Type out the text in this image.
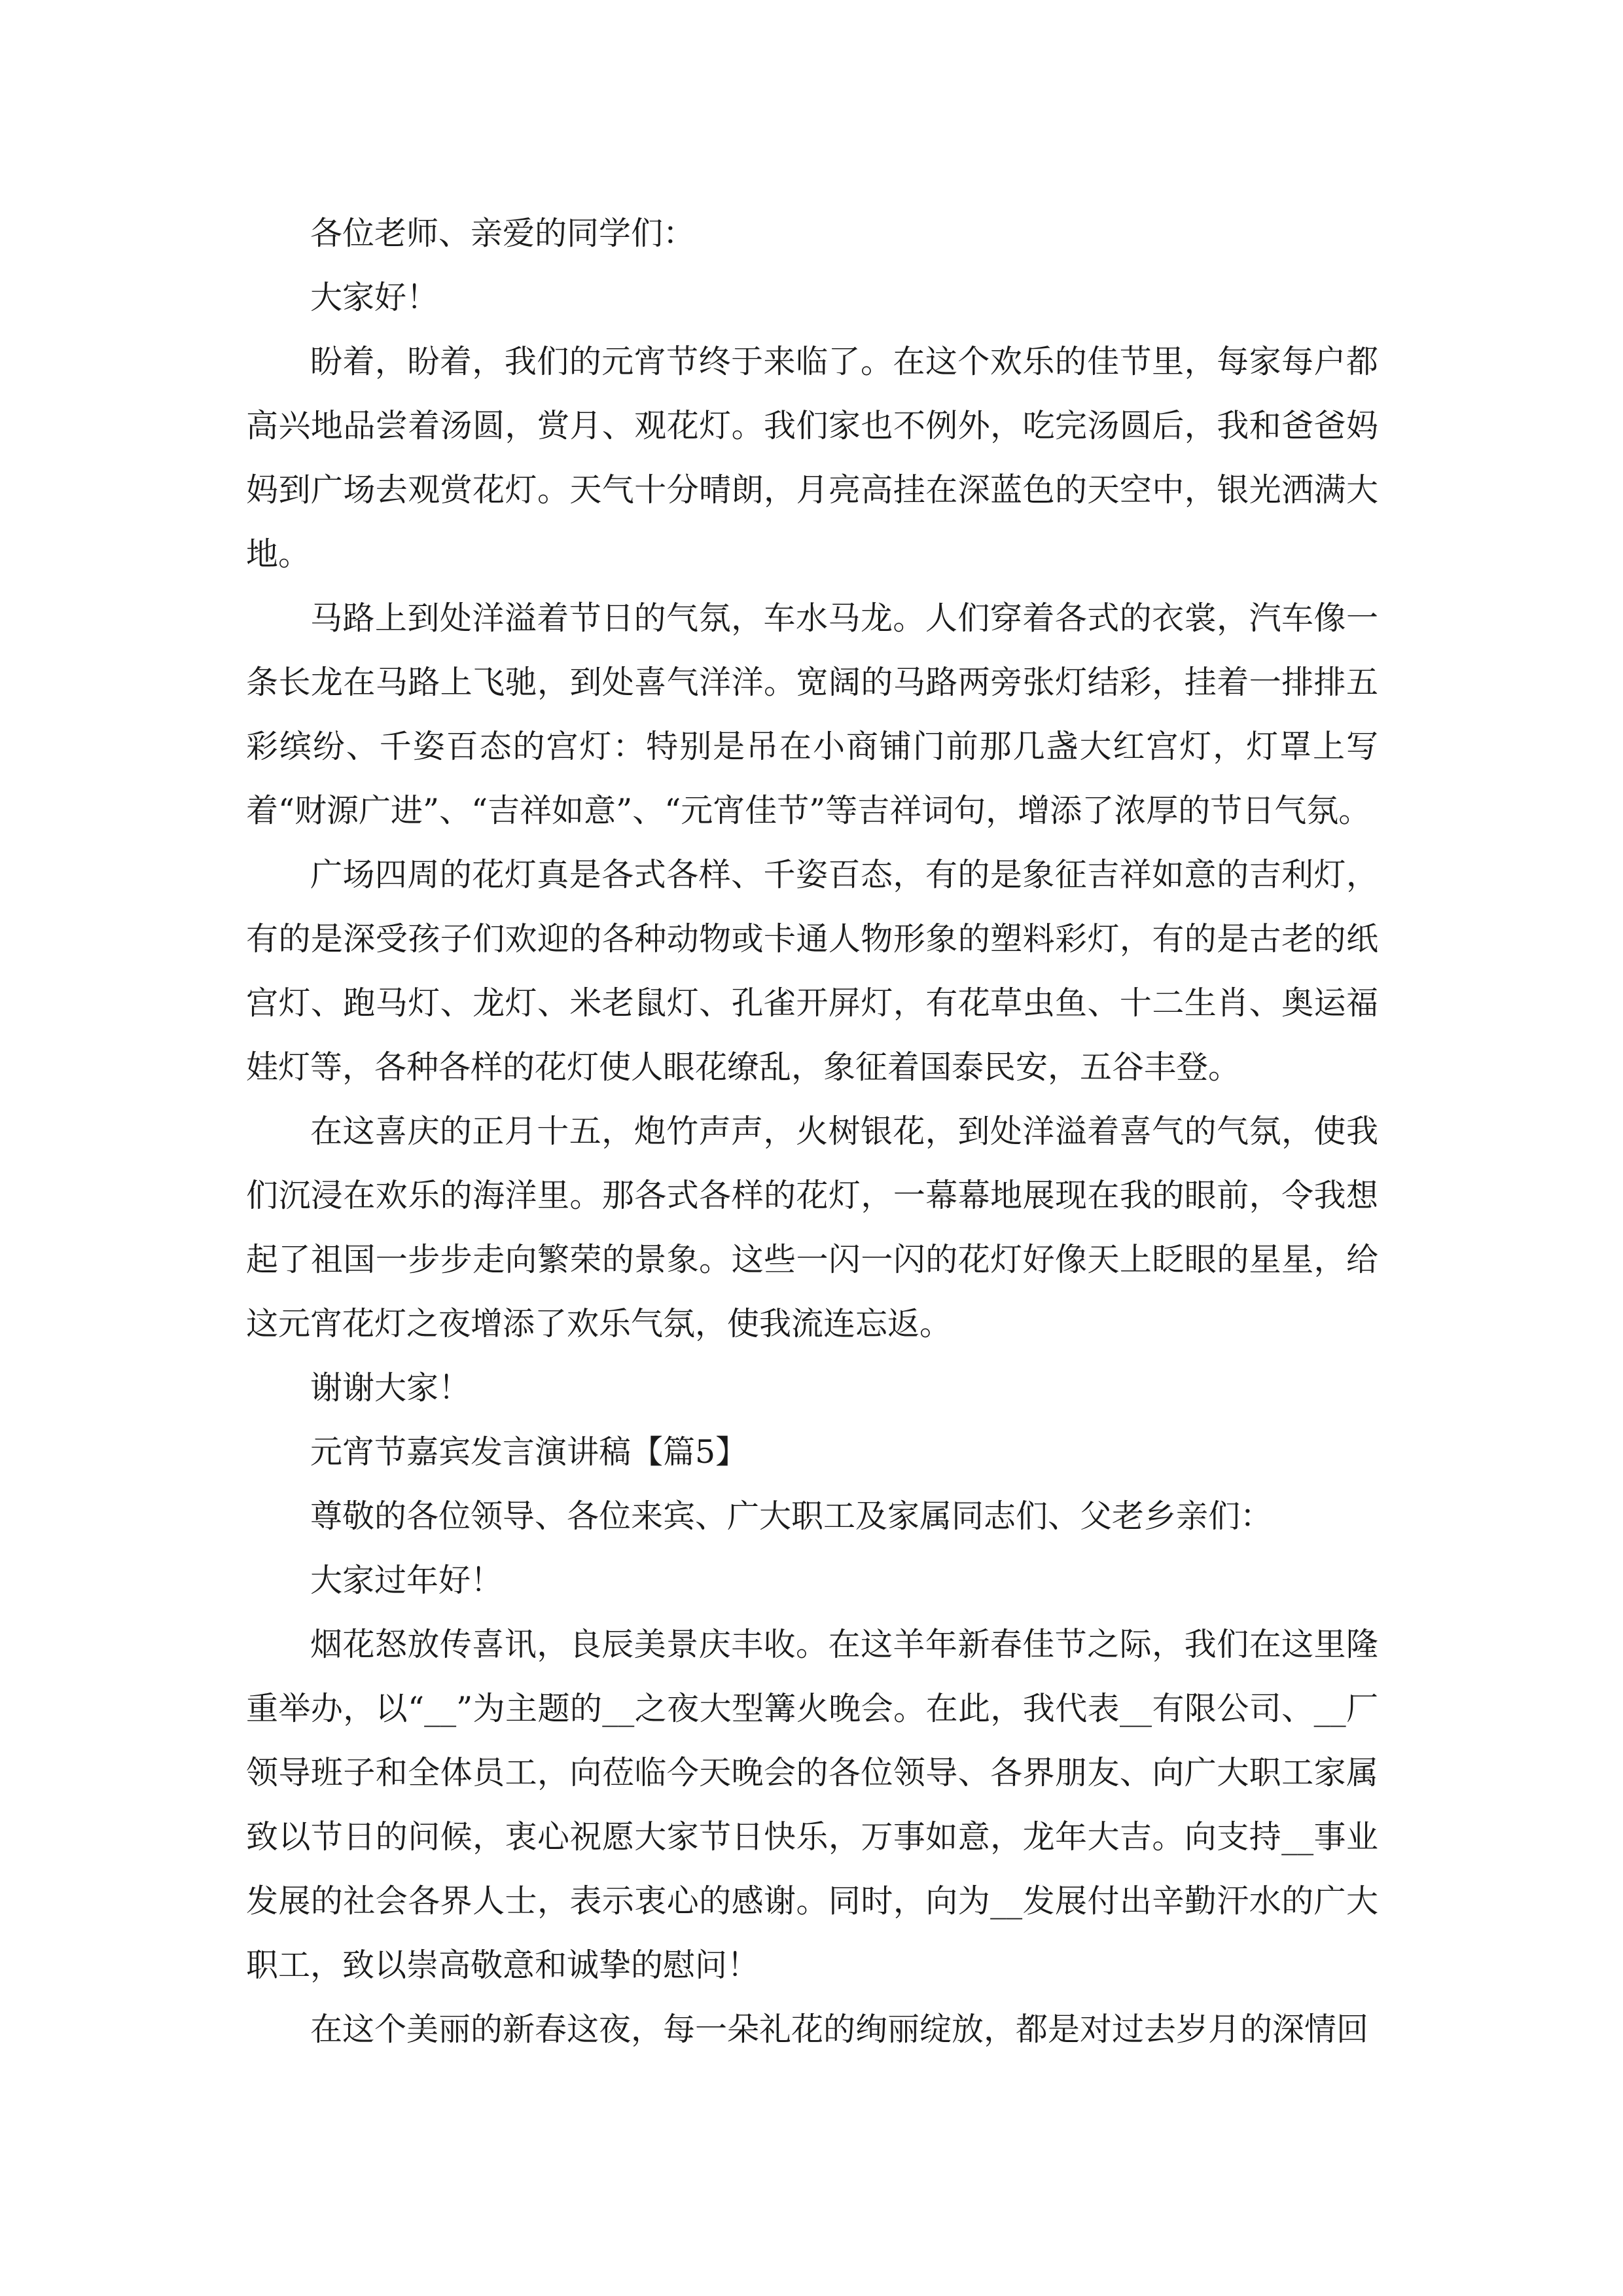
各位老师、亲爱的同学们：

大家好！

盼着，盼着，我们的元宵节终于来临了。在这个欢乐的佳节里，每家每户都高兴地品尝着汤圆，赏月、观花灯。我们家也不例外，吃完汤圆后，我和爸爸妈妈到广场去观赏花灯。天气十分晴朗，月亮高挂在深蓝色的天空中，银光洒满大地。

马路上到处洋溢着节日的气氛，车水马龙。人们穿着各式的衣裳，汽车像一条长龙在马路上飞驰，到处喜气洋洋。宽阔的马路两旁张灯结彩，挂着一排排五彩缤纷、千姿百态的宫灯：特别是吊在小商铺门前那几盏大红宫灯，灯罩上写着“财源广进”、“吉祥如意”、“元宵佳节”等吉祥词句，增添了浓厚的节日气氛。

广场四周的花灯真是各式各样、千姿百态，有的是象征吉祥如意的吉利灯，有的是深受孩子们欢迎的各种动物或卡通人物形象的塑料彩灯，有的是古老的纸宫灯、跑马灯、龙灯、米老鼠灯、孔雀开屏灯，有花草虫鱼、十二生肖、奥运福娃灯等，各种各样的花灯使人眼花缭乱，象征着国泰民安，五谷丰登。

在这喜庆的正月十五，炮竹声声，火树银花，到处洋溢着喜气的气氛，使我们沉浸在欢乐的海洋里。那各式各样的花灯，一幕幕地展现在我的眼前，令我想起了祖国一步步走向繁荣的景象。这些一闪一闪的花灯好像天上眨眼的星星，给这元宵花灯之夜增添了欢乐气氛，使我流连忘返。

谢谢大家！

元宵节嘉宾发言演讲稿【篇5】

尊敬的各位领导、各位来宾、广大职工及家属同志们、父老乡亲们：

大家过年好！

烟花怒放传喜讯，良辰美景庆丰收。在这羊年新春佳节之际，我们在这里隆重举办，以“__”为主题的__之夜大型篝火晚会。在此，我代表__有限公司、__厂领导班子和全体员工，向莅临今天晚会的各位领导、各界朋友、向广大职工家属致以节日的问候，衷心祝愿大家节日快乐，万事如意，龙年大吉。向支持__事业发展的社会各界人士，表示衷心的感谢。同时，向为__发展付出辛勤汗水的广大职工，致以崇高敬意和诚挚的慰问！

在这个美丽的新春这夜，每一朵礼花的绚丽绽放，都是对过去岁月的深情回
